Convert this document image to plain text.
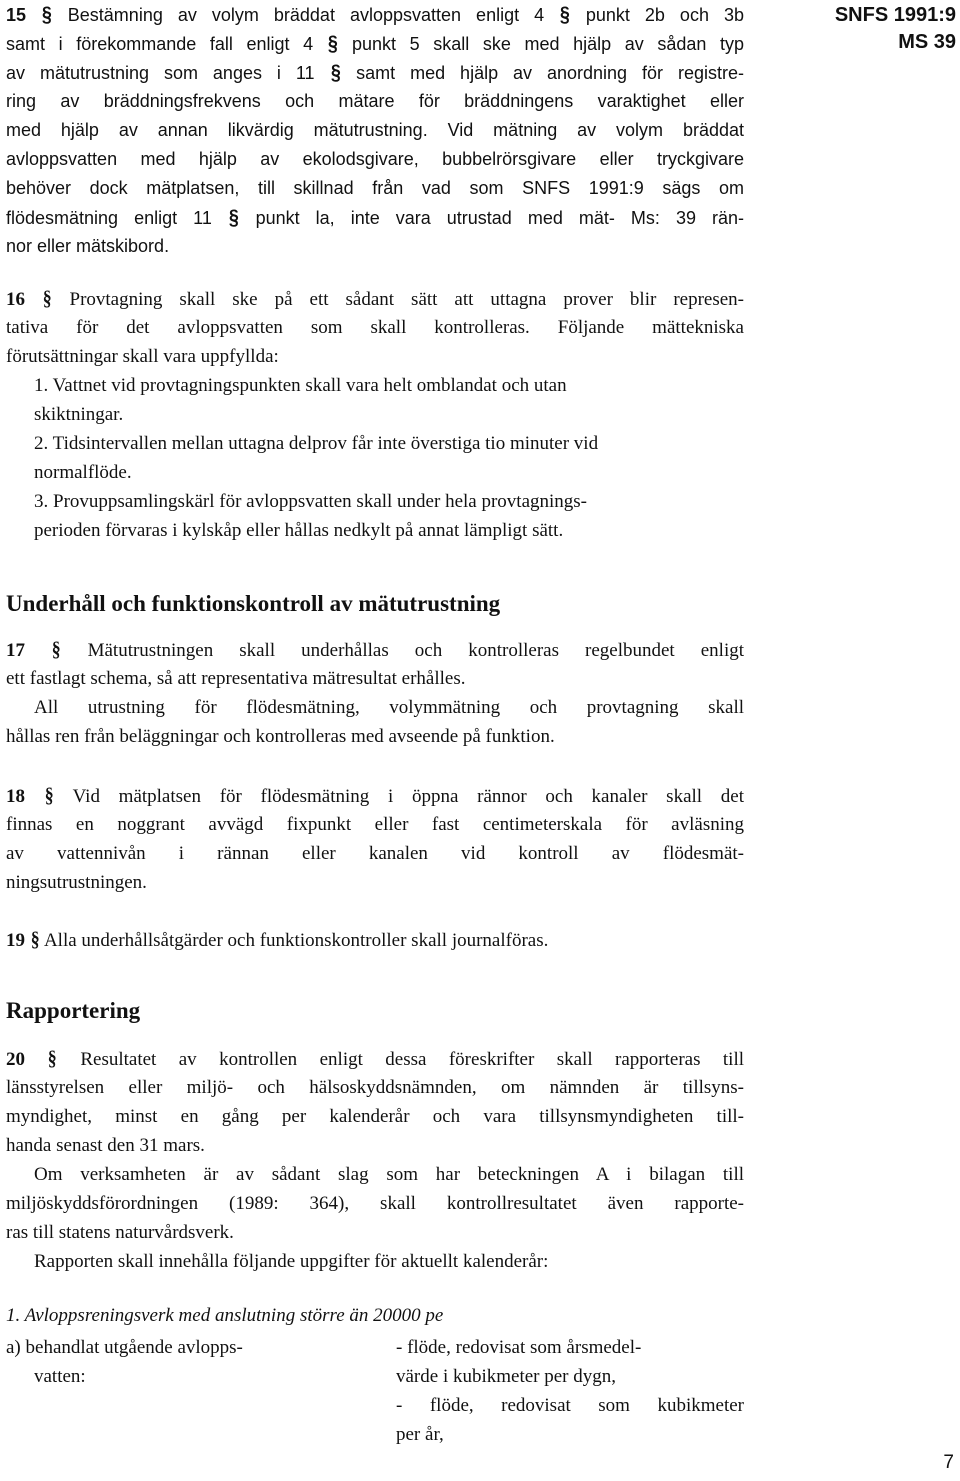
SNFS 1991:9
MS 39
15 § Bestämning av volym bräddat avloppsvatten enligt 4 § punkt 2b och 3b
samt i förekommande fall enligt 4 § punkt 5 skall ske med hjälp av sådan typ
av mätutrustning som anges i 11 § samt med hjälp av anordning för registre-
ring av bräddningsfrekvens och mätare för bräddningens varaktighet eller
med hjälp av annan likvärdig mätutrustning. Vid mätning av volym bräddat
avloppsvatten med hjälp av ekolodsgivare, bubbelrörsgivare eller tryckgivare
behöver dock mätplatsen, till skillnad från vad som SNFS 1991:9 sägs om
flödesmätning enligt 11 § punkt la, inte vara utrustad med mät- Ms: 39 rän-
nor eller mätskibord.
16 § Provtagning skall ske på ett sådant sätt att uttagna prover blir represen-
tativa för det avloppsvatten som skall kontrolleras. Följande mättekniska
förutsättningar skall vara uppfyllda:
1. Vattnet vid provtagningspunkten skall vara helt omblandat och utan
skiktningar.
2. Tidsintervallen mellan uttagna delprov får inte överstiga tio minuter vid
normalflöde.
3. Provuppsamlingskärl för avloppsvatten skall under hela provtagnings-
perioden förvaras i kylskåp eller hållas nedkylt på annat lämpligt sätt.
Underhåll och funktionskontroll av mätutrustning
17 § Mätutrustningen skall underhållas och kontrolleras regelbundet enligt
ett fastlagt schema, så att representativa mätresultat erhålles.
All utrustning för flödesmätning, volymmätning och provtagning skall
hållas ren från beläggningar och kontrolleras med avseende på funktion.
18 § Vid mätplatsen för flödesmätning i öppna rännor och kanaler skall det
finnas en noggrant avvägd fixpunkt eller fast centimeterskala för avläsning
av vattennivån i rännan eller kanalen vid kontroll av flödesmät-
ningsutrustningen.
19 § Alla underhållsåtgärder och funktionskontroller skall journalföras.
Rapportering
20 § Resultatet av kontrollen enligt dessa föreskrifter skall rapporteras till
länsstyrelsen eller miljö- och hälsoskyddsnämnden, om nämnden är tillsyns-
myndighet, minst en gång per kalenderår och vara tillsynsmyndigheten till-
handa senast den 31 mars.
Om verksamheten är av sådant slag som har beteckningen A i bilagan till
miljöskyddsförordningen (1989: 364), skall kontrollresultatet även rapporte-
ras till statens naturvårdsverk.
Rapporten skall innehålla följande uppgifter för aktuellt kalenderår:
1. Avloppsreningsverk med anslutning större än 20000 pe
a) behandlat utgående avlopps-
vatten:
- flöde, redovisat som årsmedel-
värde i kubikmeter per dygn,
- flöde, redovisat som kubikmeter
per år,
7
